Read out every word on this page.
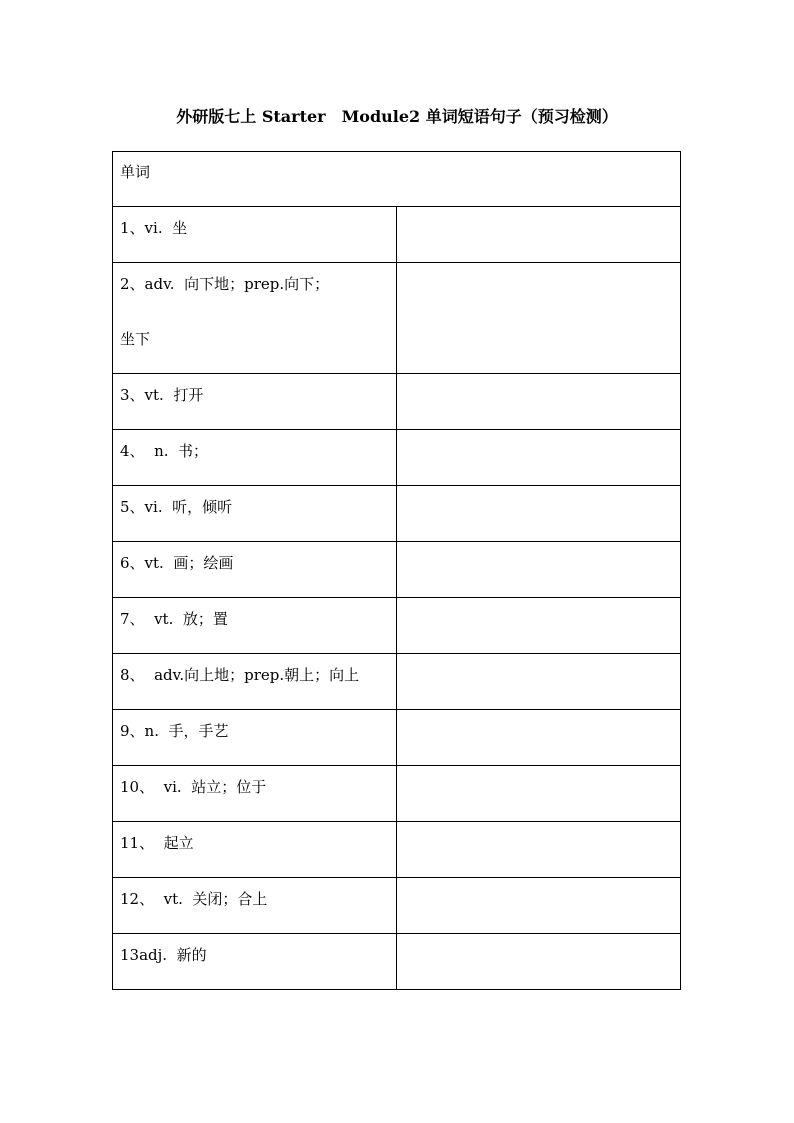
外研版七上 Starter　Module2 单词短语句子（预习检测）
单词	

1、vi.  坐	

2、adv.  向下地；prep.向下；
坐下	

3、vt.  打开	

4、  n.  书；	

5、vi.  听，倾听	

6、vt.  画；绘画	

7、  vt.  放；置	

8、  adv.向上地；prep.朝上；向上	

9、n.  手，手艺	

10、  vi.  站立；位于	

11、  起立	

12、  vt.  关闭；合上	

13adj.  新的	
